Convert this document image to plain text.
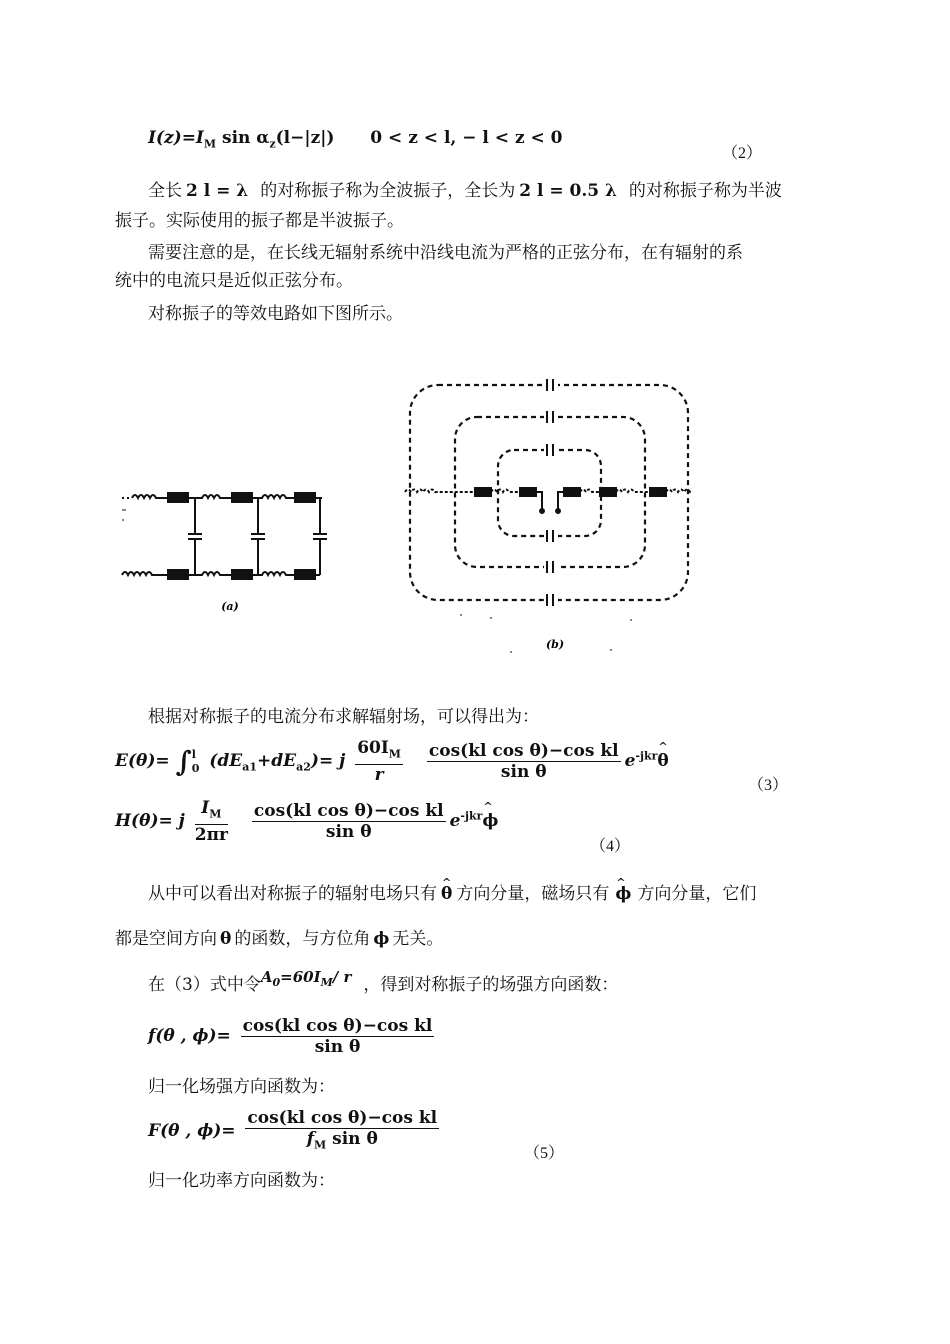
$I(z)=I_M$ $\sin \alpha_z(l-|z|) 0 < z < l$, − l < z < 0
（2）
全长 2 l = λ 的对称振子称为全波振子，全长为 2 l = 0.5 λ 的对称振子称为半波
振子。实际使用的振子都是半波振子。
需要注意的是，在长线无辐射系统中沿线电流为严格的正弦分布，在有辐射的系
统中的电流只是近似正弦分布。
对称振子的等效电路如下图所示。
(a)
(b)
根据对称振子的电流分布求解辐射场，可以得出为：
E(θ)= ∫ l
0 $(dE_{a1}+dE_{a2})= j \frac{60I_M}{r}$
$\frac{\text{cos(kl cos θ)−cos kl}}{\text{sin θ}}$ $e^{-jkr}\^{}$ θ
（3）
H(θ)= j $\frac{I_M}{2\pi r}$
$\frac{\text{cos(kl cos θ)−cos kl}}{\text{sin θ}}$ $e^{-jkr}\^{}$ ϕ
（4）
从中可以看出对称振子的辐射电场只有 ^ θ 方向分量，磁场只有 ^ ϕ 方向分量，它们
都是空间方向 θ 的函数，与方位角 ϕ 无关。
在（3）式中令$A_0=60I_M/$ r ，得到对称振子的场强方向函数：
f(θ , $\phi)= \frac{\text{cos(kl cos θ)−cos kl}}{\text{sin θ}}$
归一化场强方向函数为：
F(θ , $\phi)= \frac{\text{cos(kl cos θ)−cos kl}}{f_M \sin \theta}$	（5）
归一化功率方向函数为：
